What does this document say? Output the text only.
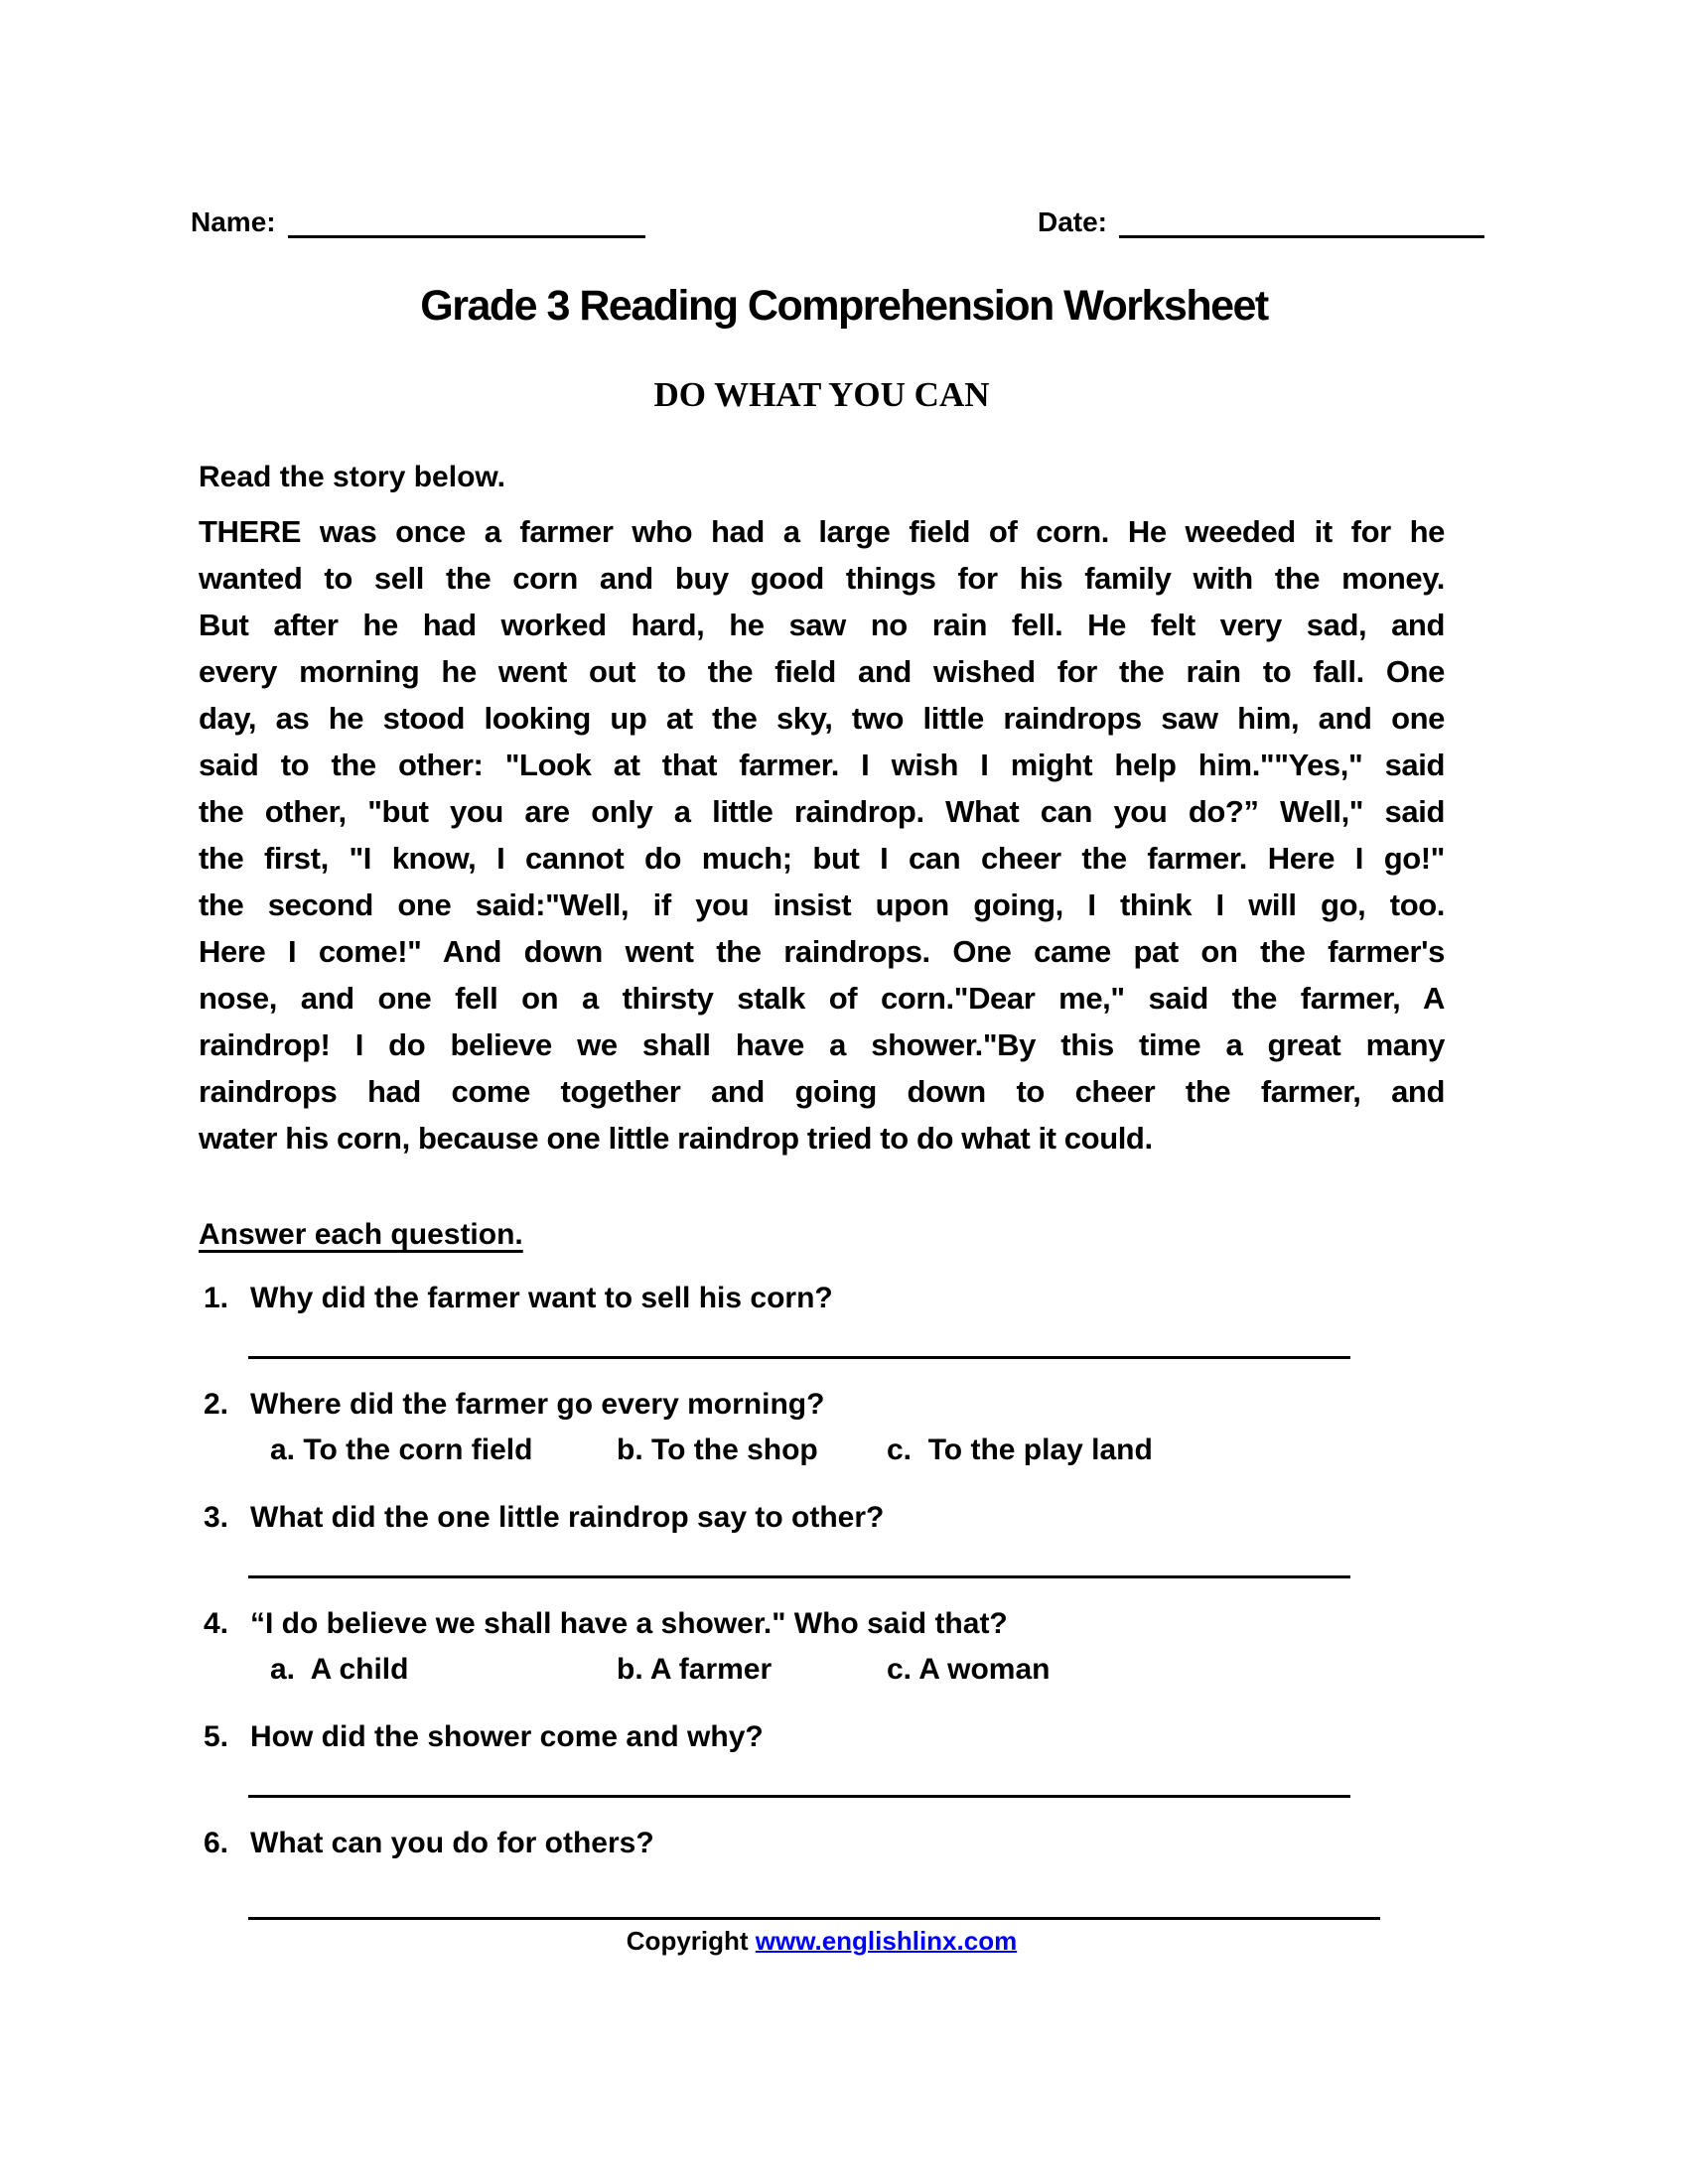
Name:	Date:
Grade 3 Reading Comprehension Worksheet
DO WHAT YOU CAN
Read the story below.
THERE was once a farmer who had a large field of corn. He weeded it for he
wanted to sell the corn and buy good things for his family with the money.
But after he had worked hard, he saw no rain fell. He felt very sad, and
every morning he went out to the field and wished for the rain to fall. One
day, as he stood looking up at the sky, two little raindrops saw him, and one
said to the other: "Look at that farmer. I wish I might help him.""Yes," said
the other, "but you are only a little raindrop. What can you do?” Well," said
the first, "I know, I cannot do much; but I can cheer the farmer. Here I go!"
the second one said:"Well, if you insist upon going, I think I will go, too.
Here I come!" And down went the raindrops. One came pat on the farmer's
nose, and one fell on a thirsty stalk of corn."Dear me," said the farmer, A
raindrop! I do believe we shall have a shower."By this time a great many
raindrops had come together and going down to cheer the farmer, and
water his corn, because one little raindrop tried to do what it could.
Answer each question.
1. Why did the farmer want to sell his corn?
2. Where did the farmer go every morning?
a. To the corn field	b. To the shop	c.  To the play land
3. What did the one little raindrop say to other?
4. “I do believe we shall have a shower." Who said that?
a.  A child	b. A farmer	c. A woman
5. How did the shower come and why?
6. What can you do for others?
Copyright www.englishlinx.com
